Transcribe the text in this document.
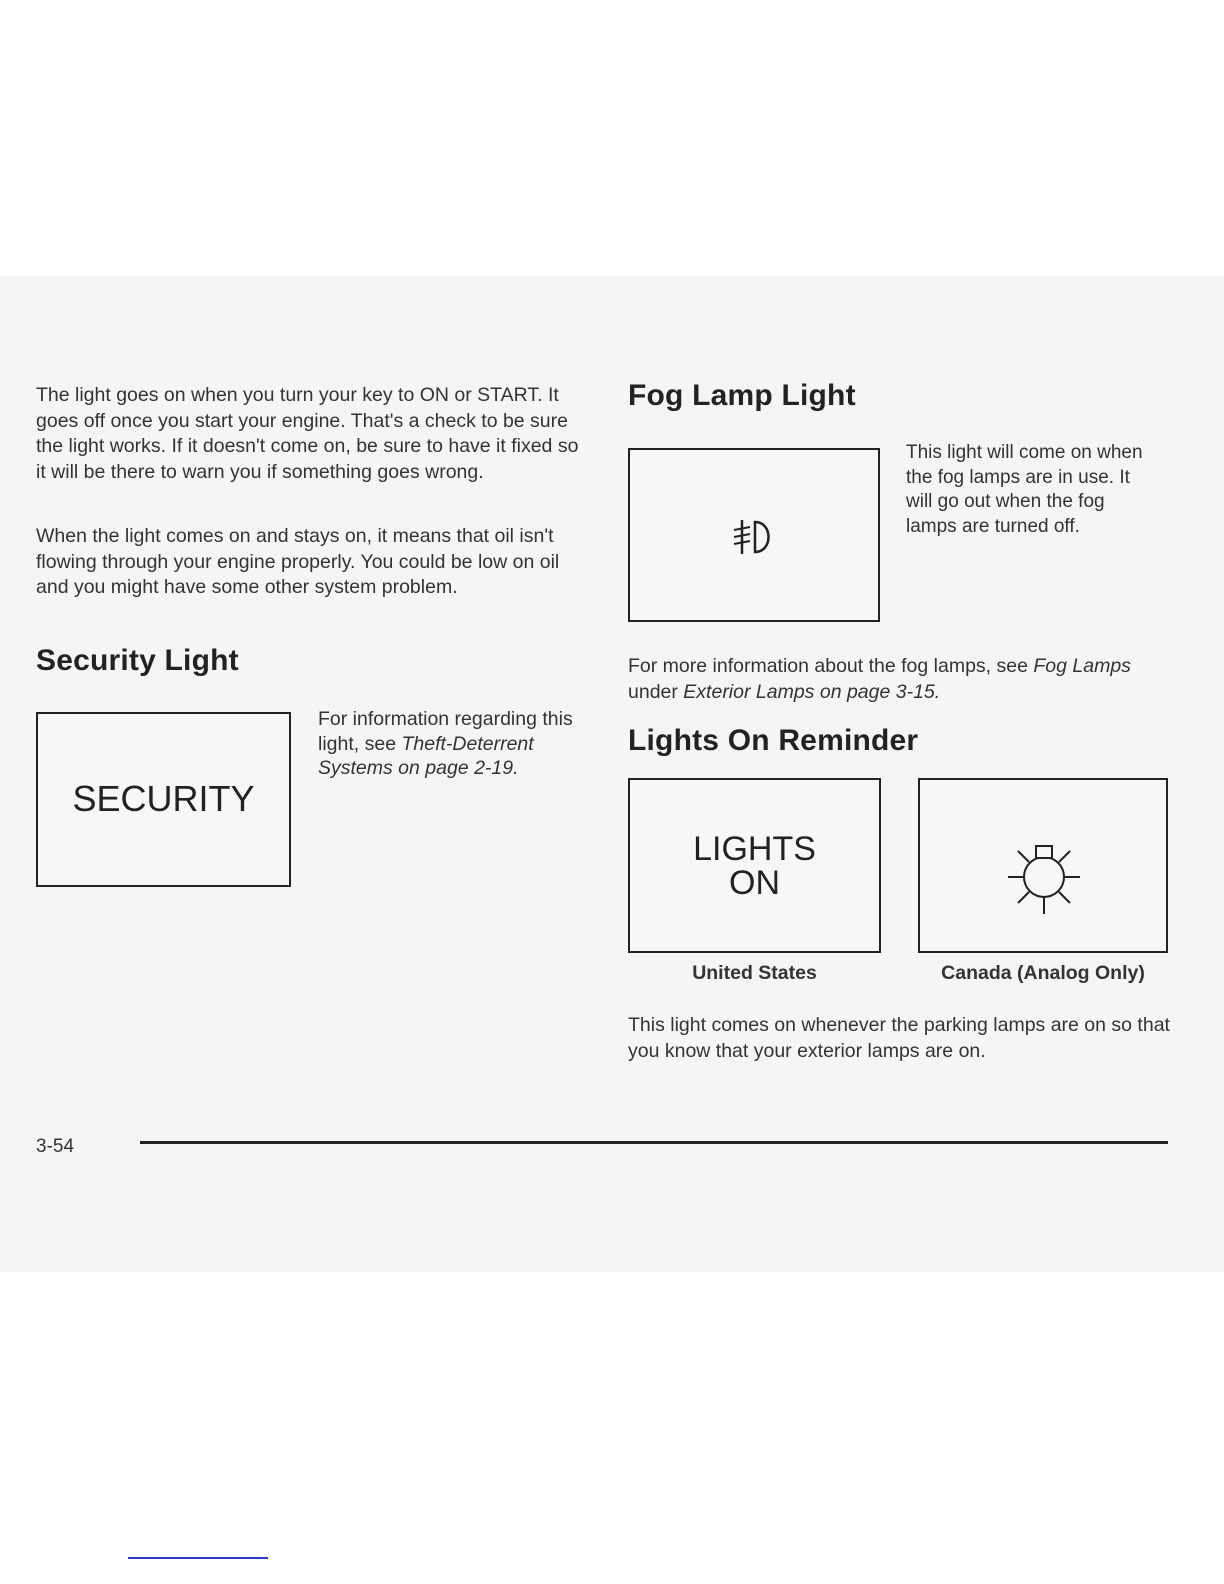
The light goes on when you turn your key to ON or START. It goes off once you start your engine. That's a check to be sure the light works. If it doesn't come on, be sure to have it fixed so it will be there to warn you if something goes wrong.

When the light comes on and stays on, it means that oil isn't flowing through your engine properly. You could be low on oil and you might have some other system problem.

Security Light
SECURITY
For information regarding this light, see Theft-Deterrent Systems on page 2-19.
Fog Lamp Light

This light will come on when the fog lamps are in use. It will go out when the fog lamps are turned off.

For more information about the fog lamps, see Fog Lamps under Exterior Lamps on page 3-15.
Lights On Reminder
LIGHTS
ON
United States	Canada (Analog Only)

This light comes on whenever the parking lamps are on so that you know that your exterior lamps are on.

3-54
